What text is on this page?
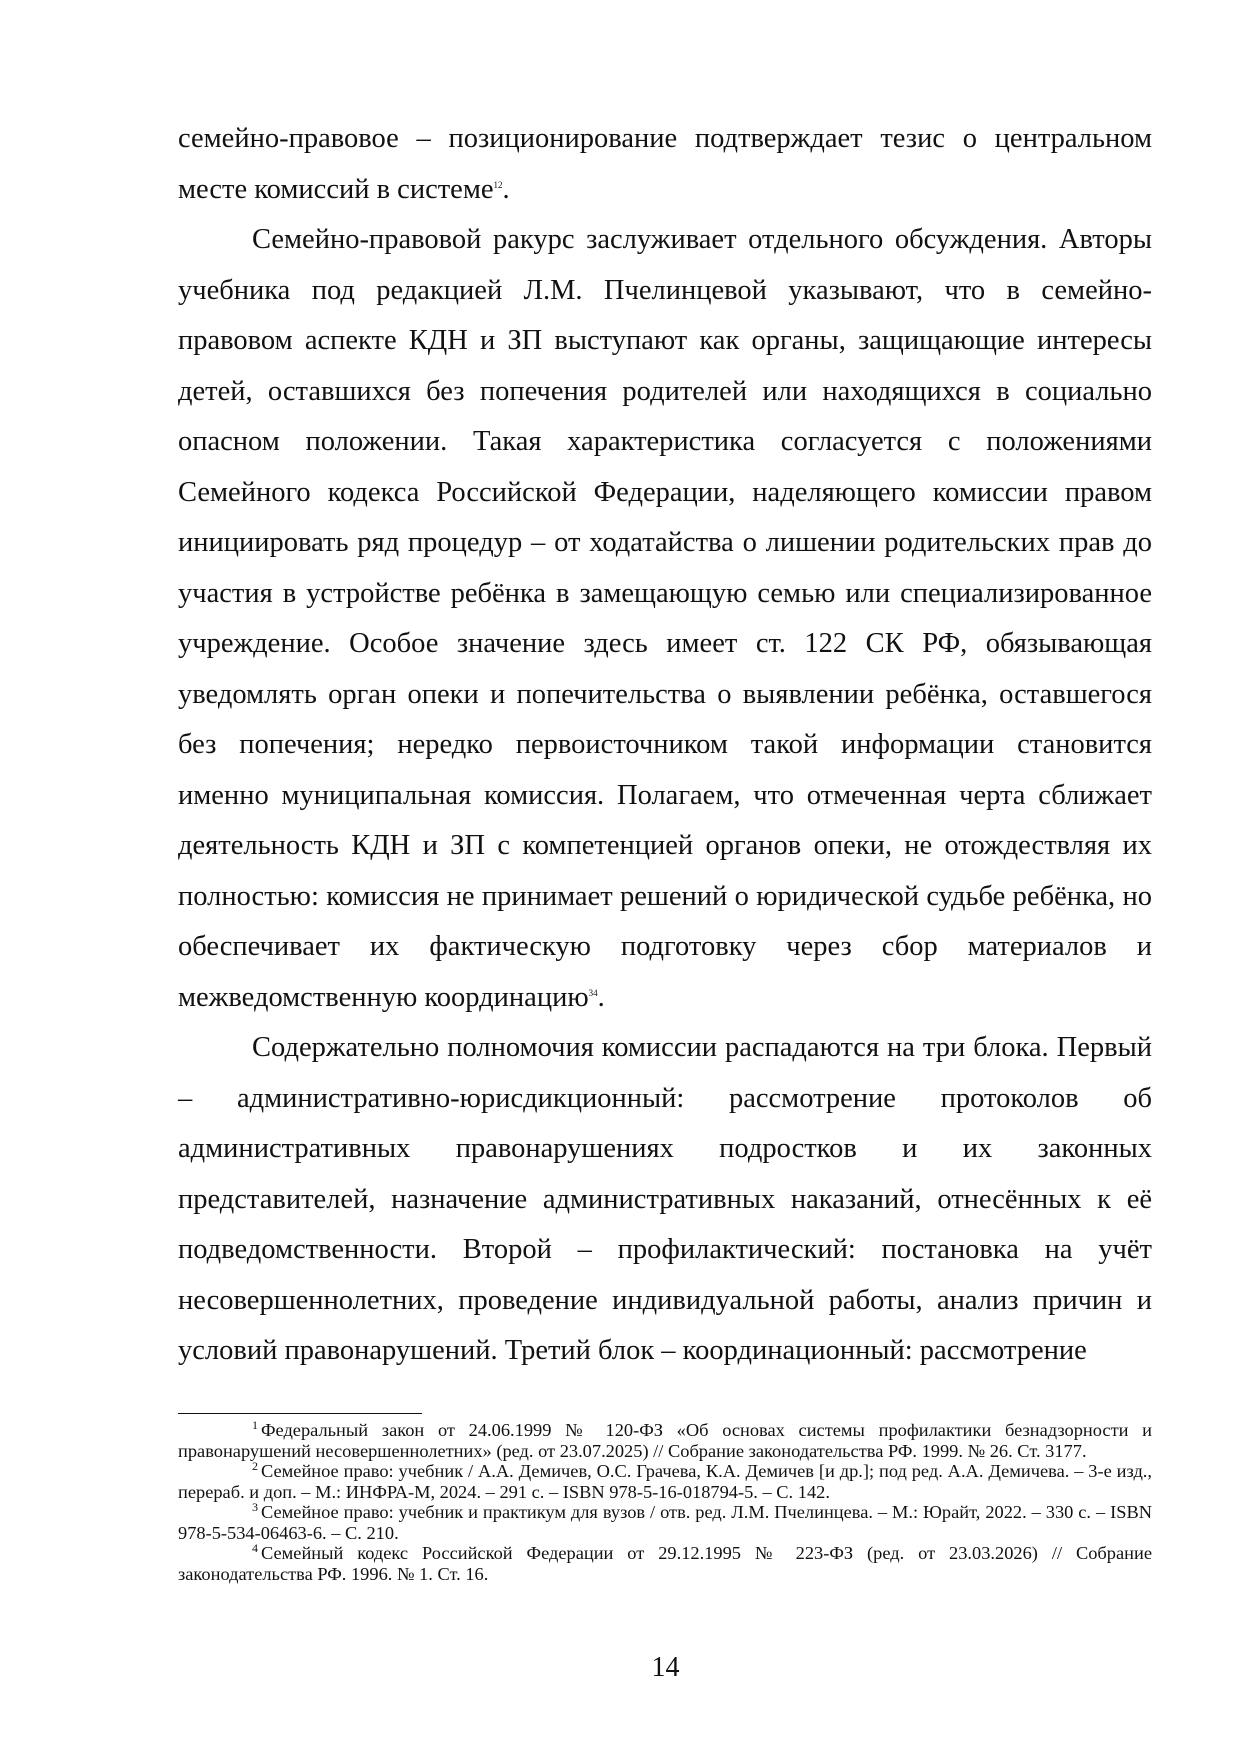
семейно-правовое – позиционирование подтверждает тезис о центральном месте комиссий в системе$^{12}$.

Семейно-правовой ракурс заслуживает отдельного обсуждения. Авторы учебника под редакцией Л.М. Пчелинцевой указывают, что в семейно-правовом аспекте КДН и ЗП выступают как органы, защищающие интересы детей, оставшихся без попечения родителей или находящихся в социально опасном положении. Такая характеристика согласуется с положениями Семейного кодекса Российской Федерации, наделяющего комиссии правом инициировать ряд процедур – от ходатайства о лишении родительских прав до участия в устройстве ребёнка в замещающую семью или специализированное учреждение. Особое значение здесь имеет ст. 122 СК РФ, обязывающая уведомлять орган опеки и попечительства о выявлении ребёнка, оставшегося без попечения; нередко первоисточником такой информации становится именно муниципальная комиссия. Полагаем, что отмеченная черта сближает деятельность КДН и ЗП с компетенцией органов опеки, не отождествляя их полностью: комиссия не принимает решений о юридической судьбе ребёнка, но обеспечивает их фактическую подготовку через сбор материалов и межведомственную координацию$^{34}$.

Содержательно полномочия комиссии распадаются на три блока. Первый – административно-юрисдикционный: рассмотрение протоколов об административных правонарушениях подростков и их законных представителей, назначение административных наказаний, отнесённых к её подведомственности. Второй – профилактический: постановка на учёт несовершеннолетних, проведение индивидуальной работы, анализ причин и условий правонарушений. Третий блок – координационный: рассмотрение

$^1$ Федеральный закон от 24.06.1999 № 120-ФЗ «Об основах системы профилактики безнадзорности и правонарушений несовершеннолетних» (ред. от 23.07.2025) // Собрание законодательства РФ. 1999. № 26. Ст. 3177.

$^2$ Семейное право: учебник / А.А. Демичев, О.С. Грачева, К.А. Демичев [и др.]; под ред. А.А. Демичева. – 3-е изд., перераб. и доп. – М.: ИНФРА-М, 2024. – 291 с. – ISBN 978-5-16-018794-5. – С. 142.

$^3$ Семейное право: учебник и практикум для вузов / отв. ред. Л.М. Пчелинцева. – М.: Юрайт, 2022. – 330 с. – ISBN 978-5-534-06463-6. – С. 210.

$^4$ Семейный кодекс Российской Федерации от 29.12.1995 № 223-ФЗ (ред. от 23.03.2026) // Собрание законодательства РФ. 1996. № 1. Ст. 16.

14
